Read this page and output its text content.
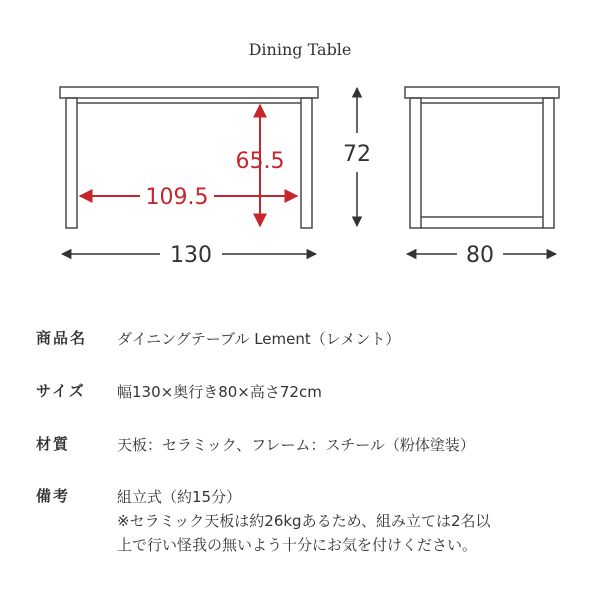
Dining Table
65.5
109.5
130
72
80
商品名 ダイニングテーブル Lement（レメント）
サイズ 幅130×奥行き80×高さ72cm
材質	天板：セラミック、フレーム：スチール（粉体塗装）
備考	組立式（約15分）
※セラミック天板は約26kgあるため、組み立ては2名以
上で行い怪我の無いよう十分にお気を付けください。
